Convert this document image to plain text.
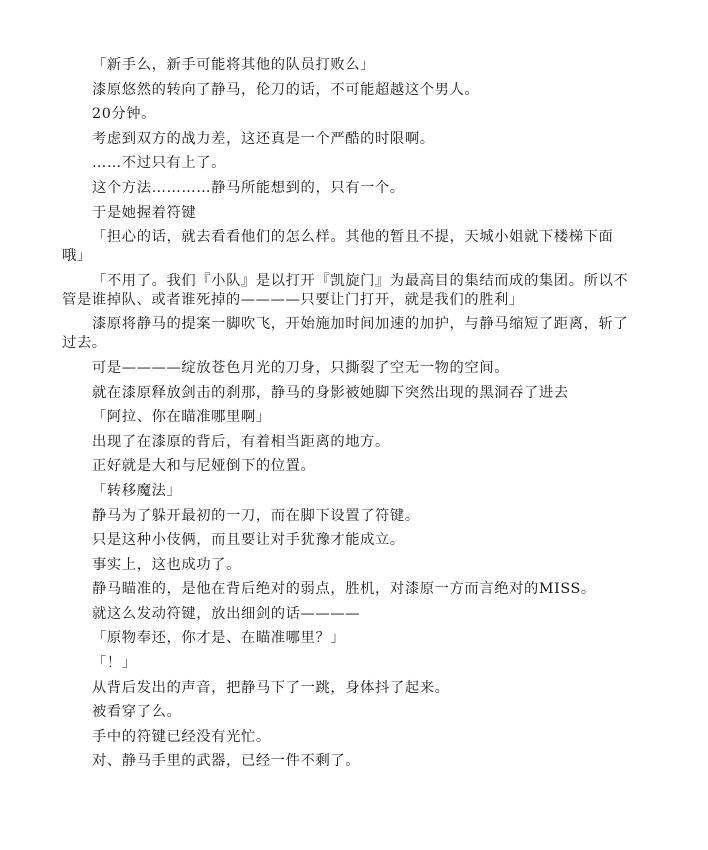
「新手么，新手可能将其他的队员打败么」

漆原悠然的转向了静马，伦刀的话，不可能超越这个男人。

20分钟。

考虑到双方的战力差，这还真是一个严酷的时限啊。

……不过只有上了。

这个方法…………静马所能想到的，只有一个。

于是她握着符键

「担心的话，就去看看他们的怎么样。其他的暂且不提，天城小姐就下楼梯下面哦」

「不用了。我们『小队』是以打开『凯旋门』为最高目的集结而成的集团。所以不管是谁掉队、或者谁死掉的————只要让门打开，就是我们的胜利」

漆原将静马的提案一脚吹飞，开始施加时间加速的加护，与静马缩短了距离，斩了过去。

可是————绽放苍色月光的刀身，只撕裂了空无一物的空间。

就在漆原释放剑击的刹那，静马的身影被她脚下突然出现的黑洞吞了进去

「阿拉、你在瞄准哪里啊」

出现了在漆原的背后，有着相当距离的地方。

正好就是大和与尼娅倒下的位置。

「转移魔法」

静马为了躲开最初的一刀，而在脚下设置了符键。

只是这种小伎俩，而且要让对手犹豫才能成立。

事实上，这也成功了。

静马瞄准的，是他在背后绝对的弱点，胜机，对漆原一方而言绝对的MISS。

就这么发动符键，放出细剑的话————

「原物奉还，你才是、在瞄准哪里？」

「！」

从背后发出的声音，把静马下了一跳，身体抖了起来。

被看穿了么。

手中的符键已经没有光忙。

对、静马手里的武器，已经一件不剩了。
